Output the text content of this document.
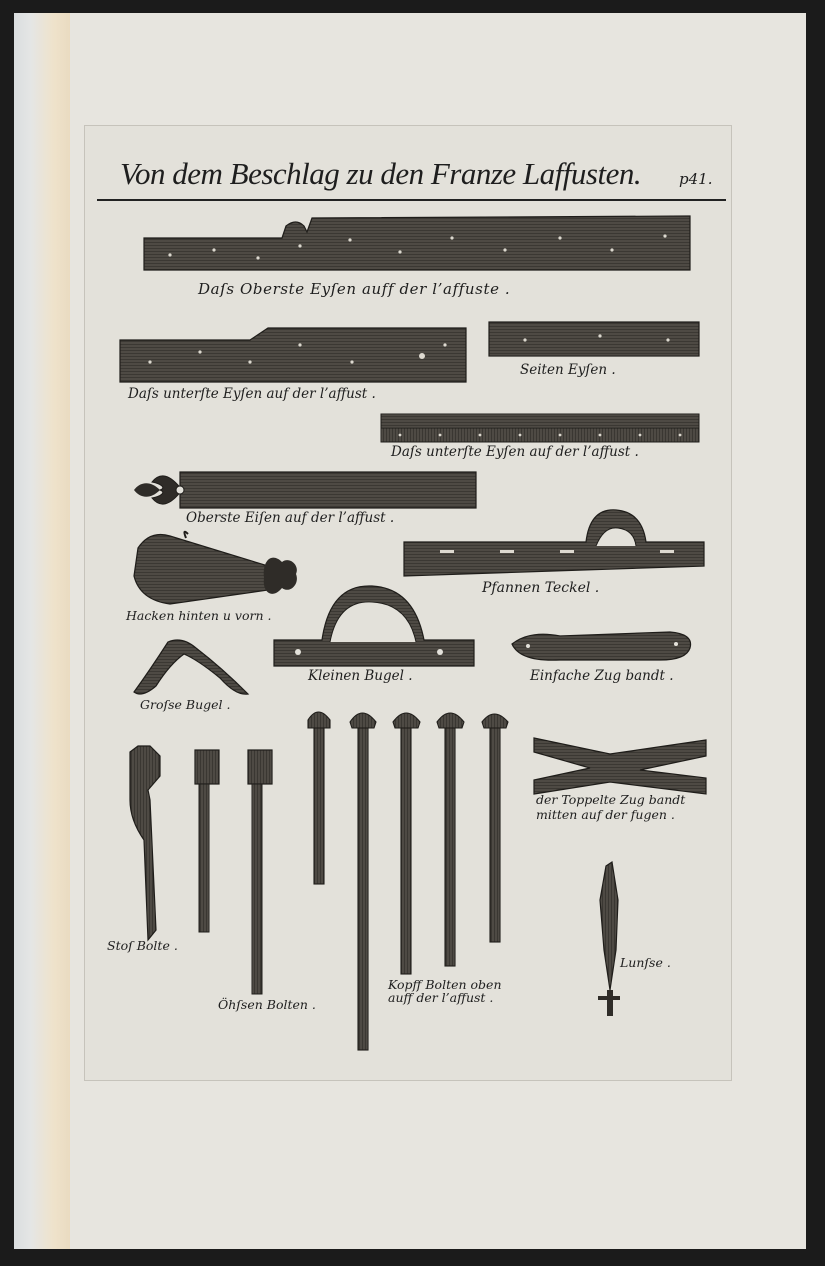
Von dem Beschlag zu den Franze Laffusten.	p41.
Daſs Oberste Eyſen auff der l’affuste .
Daſs unterſte Eyſen auf der l’affust .
Seiten Eyſen .
Daſs unterſte Eyſen auf der l’affust .
Oberste Eiſen auf der l’affust .
Pfannen Teckel .
Hacken hinten u vorn .
Kleinen Bugel .	Einfache Zug bandt .
Groſse Bugel .
der Toppelte Zug bandt
mitten auf der fugen .
Stoſ Bolte .
Lunſse .
Kopff Bolten oben
auff der l’affust .
Öhſsen Bolten .
